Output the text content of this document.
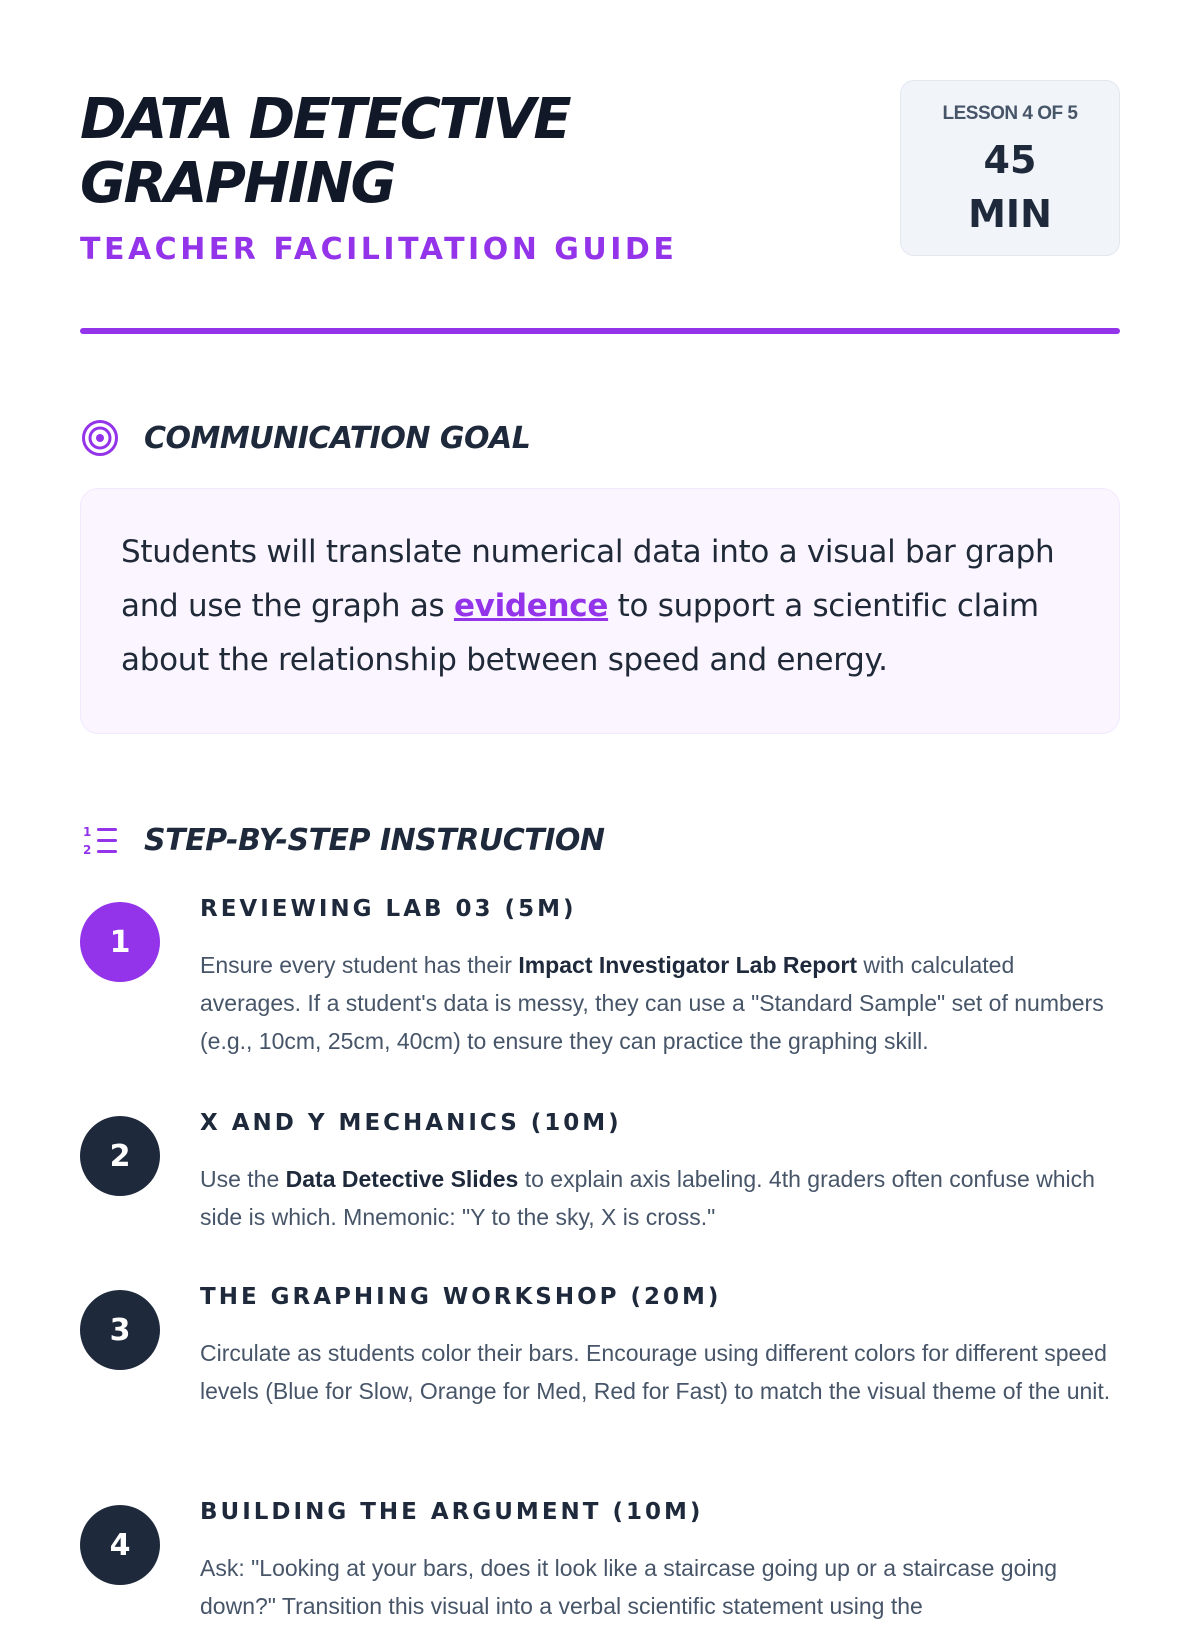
DATA DETECTIVE
GRAPHING
TEACHER FACILITATION GUIDE
LESSON 4 OF 5
45
MIN
COMMUNICATION GOAL

Students will translate numerical data into a visual bar graph and use the graph as evidence to support a scientific claim about the relationship between speed and energy.

1
2 STEP-BY-STEP INSTRUCTION
1
REVIEWING LAB 03 (5M)
Ensure every student has their Impact Investigator Lab Report with calculated averages. If a student's data is messy, they can use a "Standard Sample" set of numbers (e.g., 10cm, 25cm, 40cm) to ensure they can practice the graphing skill.
2
X AND Y MECHANICS (10M)
Use the Data Detective Slides to explain axis labeling. 4th graders often confuse which side is which. Mnemonic: "Y to the sky, X is cross."
3
THE GRAPHING WORKSHOP (20M)
Circulate as students color their bars. Encourage using different colors for different speed levels (Blue for Slow, Orange for Med, Red for Fast) to match the visual theme of the unit.
4
BUILDING THE ARGUMENT (10M)
Ask: "Looking at your bars, does it look like a staircase going up or a staircase going down?" Transition this visual into a verbal scientific statement using the
